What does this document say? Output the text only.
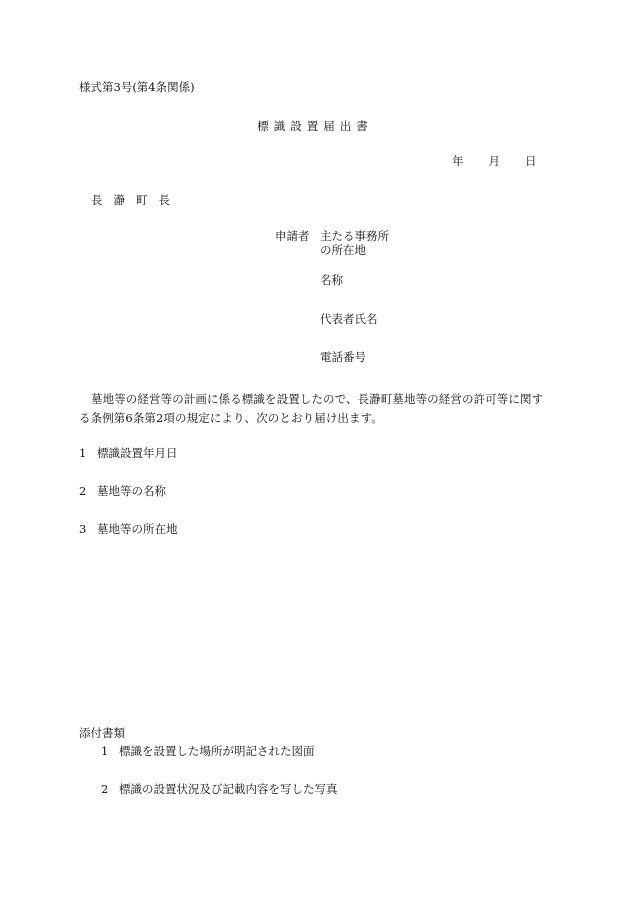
様式第3号(第4条関係)
標識設置届出書
年 月 日
長瀞町長
申請者 主たる事務所
の所在地
名称
代表者氏名
電話番号
墓地等の経営等の計画に係る標識を設置したので、長瀞町墓地等の経営の許可等に関する条例第6条第2項の規定により、次のとおり届け出ます。
1 標識設置年月日
2 墓地等の名称
3 墓地等の所在地
添付書類
1 標識を設置した場所が明記された図面
2 標識の設置状況及び記載内容を写した写真
